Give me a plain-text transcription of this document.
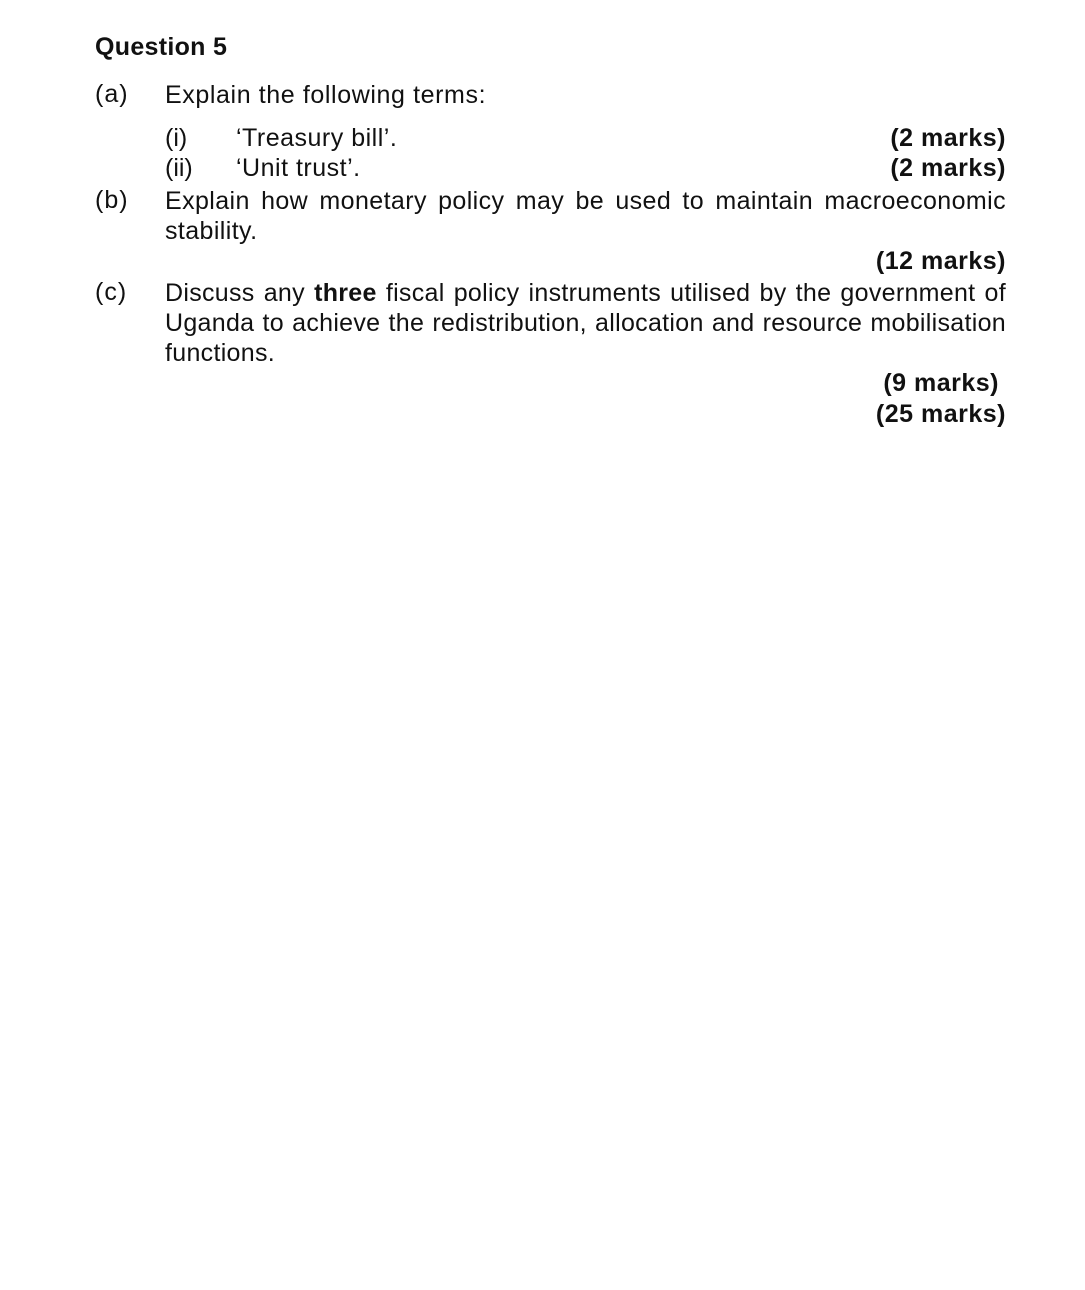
Question 5
(a) Explain the following terms:
(i) ‘Treasury bill’.	(2 marks)
(ii) ‘Unit trust’.	(2 marks)
(b) Explain how monetary policy may be used to maintain macroeconomic
stability.
(12 marks)
(c) Discuss any three fiscal policy instruments utilised by the government of
Uganda to achieve the redistribution, allocation and resource mobilisation
functions.
(9 marks)
(25 marks)
